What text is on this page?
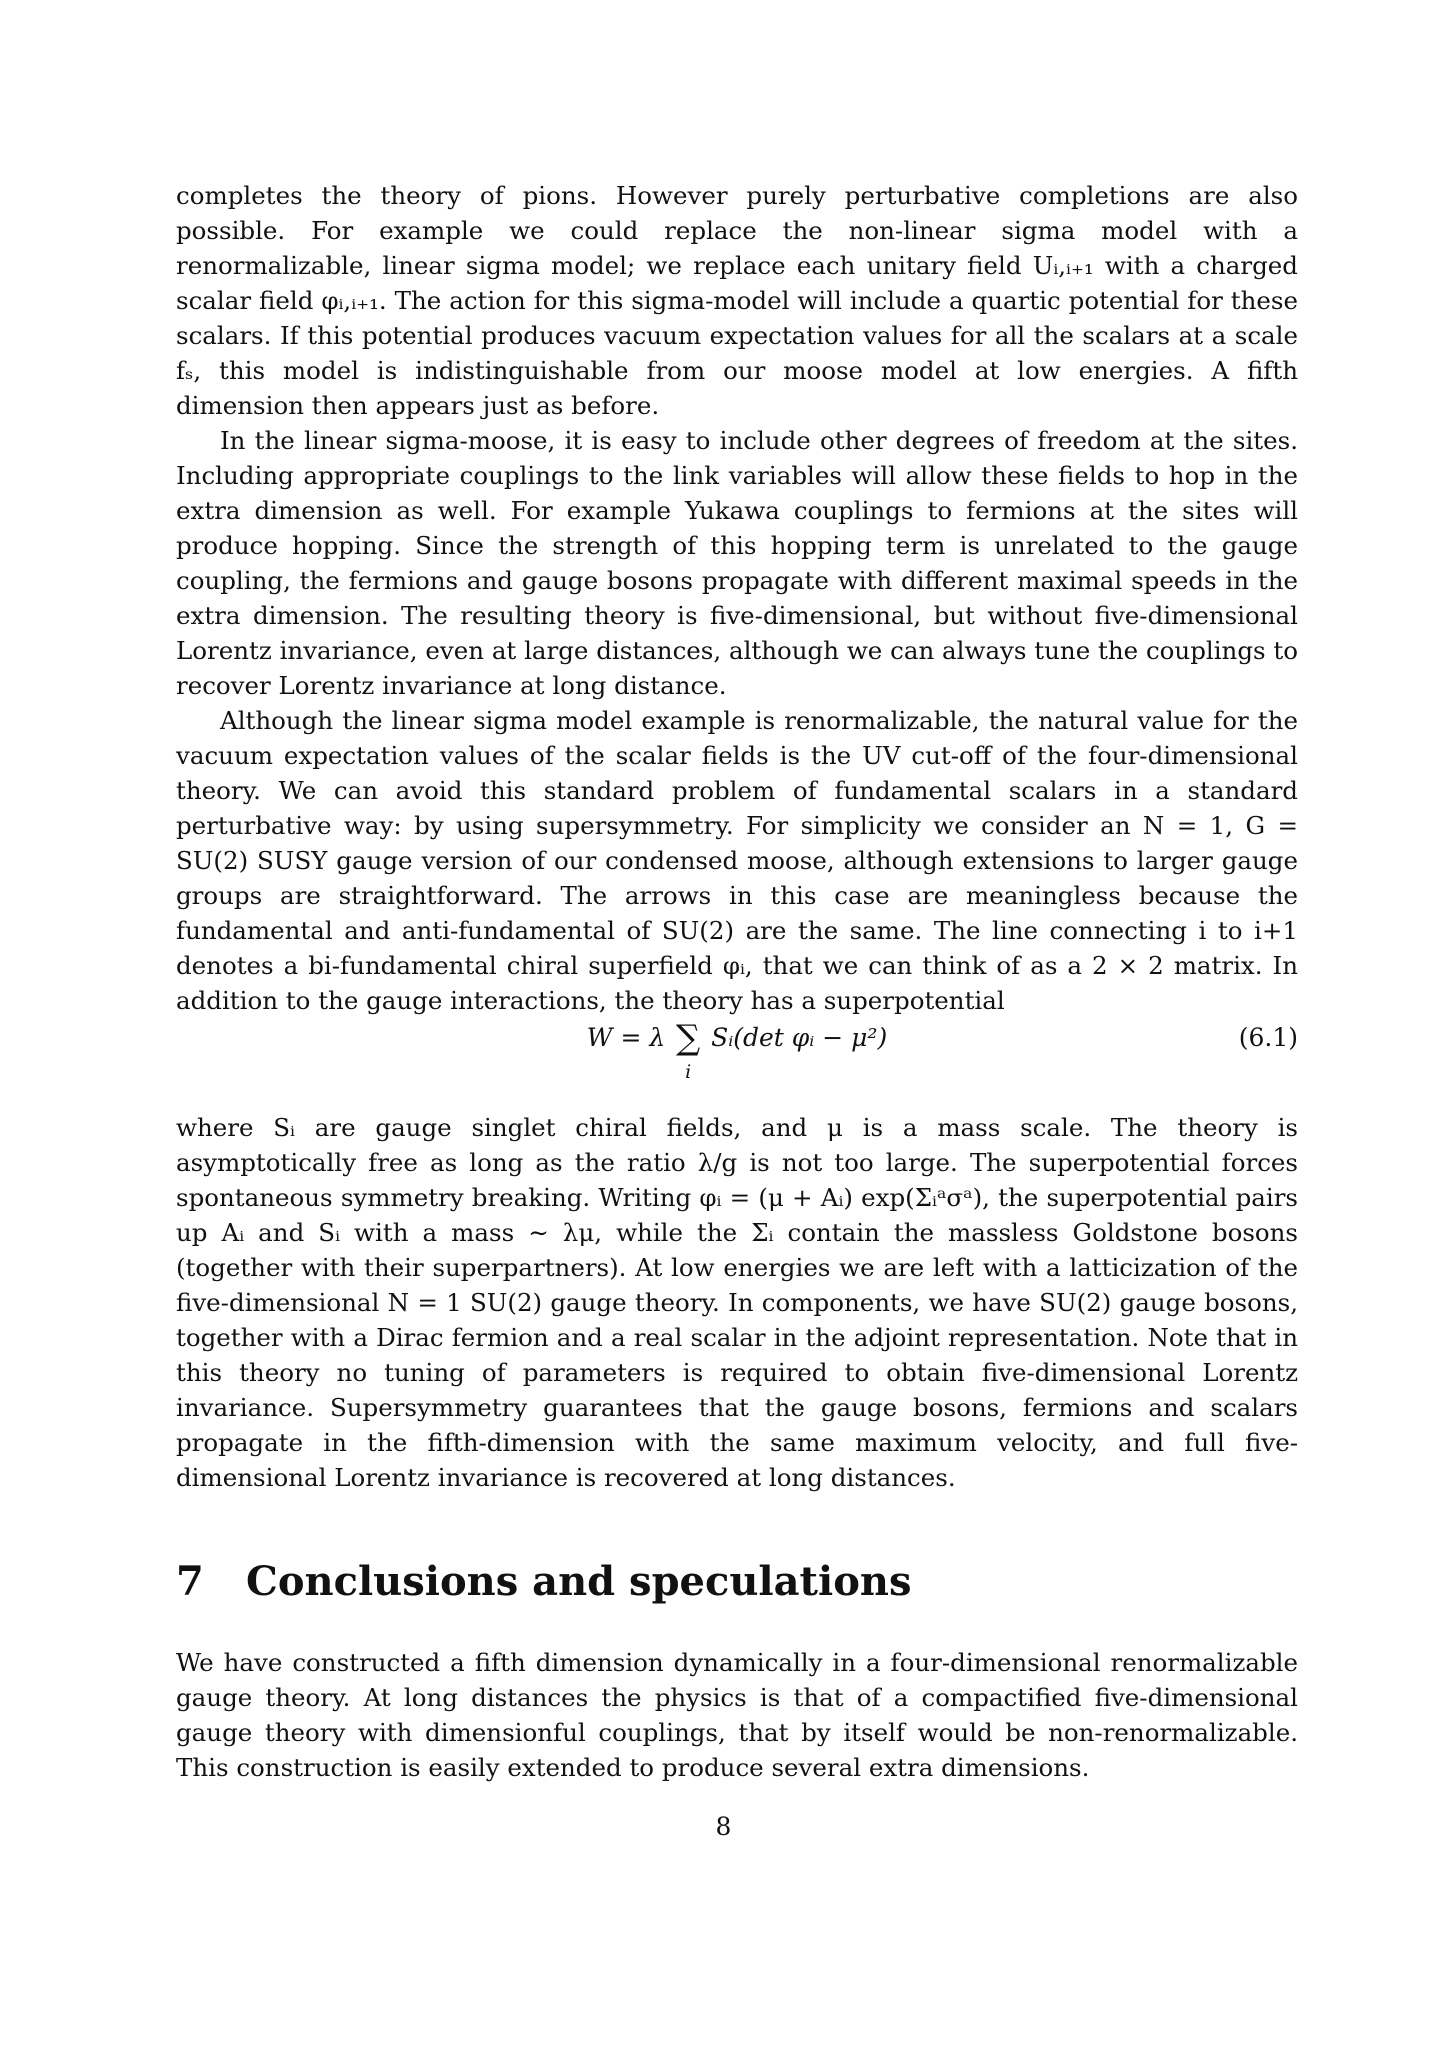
completes the theory of pions. However purely perturbative completions are also possible. For example we could replace the non-linear sigma model with a renormalizable, linear sigma model; we replace each unitary field Uᵢ,ᵢ₊₁ with a charged scalar field φᵢ,ᵢ₊₁. The action for this sigma-model will include a quartic potential for these scalars. If this potential produces vacuum expectation values for all the scalars at a scale fₛ, this model is indistinguishable from our moose model at low energies. A fifth dimension then appears just as before.

In the linear sigma-moose, it is easy to include other degrees of freedom at the sites. Including appropriate couplings to the link variables will allow these fields to hop in the extra dimension as well. For example Yukawa couplings to fermions at the sites will produce hopping. Since the strength of this hopping term is unrelated to the gauge coupling, the fermions and gauge bosons propagate with different maximal speeds in the extra dimension. The resulting theory is five-dimensional, but without five-dimensional Lorentz invariance, even at large distances, although we can always tune the couplings to recover Lorentz invariance at long distance.

Although the linear sigma model example is renormalizable, the natural value for the vacuum expectation values of the scalar fields is the UV cut-off of the four-dimensional theory. We can avoid this standard problem of fundamental scalars in a standard perturbative way: by using supersymmetry. For simplicity we consider an N = 1, G = SU(2) SUSY gauge version of our condensed moose, although extensions to larger gauge groups are straightforward. The arrows in this case are meaningless because the fundamental and anti-fundamental of SU(2) are the same. The line connecting i to i+1 denotes a bi-fundamental chiral superfield φᵢ, that we can think of as a 2 × 2 matrix. In addition to the gauge interactions, the theory has a superpotential

W = λ ∑
i
Sᵢ(det φᵢ − μ²)	(6.1)

where Sᵢ are gauge singlet chiral fields, and μ is a mass scale. The theory is asymptotically free as long as the ratio λ/g is not too large. The superpotential forces spontaneous symmetry breaking. Writing φᵢ = (μ + Aᵢ) exp(Σᵢᵃσᵃ), the superpotential pairs up Aᵢ and Sᵢ with a mass ∼ λμ, while the Σᵢ contain the massless Goldstone bosons (together with their superpartners). At low energies we are left with a latticization of the five-dimensional N = 1 SU(2) gauge theory. In components, we have SU(2) gauge bosons, together with a Dirac fermion and a real scalar in the adjoint representation. Note that in this theory no tuning of parameters is required to obtain five-dimensional Lorentz invariance. Supersymmetry guarantees that the gauge bosons, fermions and scalars propagate in the fifth-dimension with the same maximum velocity, and full five-dimensional Lorentz invariance is recovered at long distances.

7 Conclusions and speculations

We have constructed a fifth dimension dynamically in a four-dimensional renormalizable gauge theory. At long distances the physics is that of a compactified five-dimensional gauge theory with dimensionful couplings, that by itself would be non-renormalizable. This construction is easily extended to produce several extra dimensions.

8
